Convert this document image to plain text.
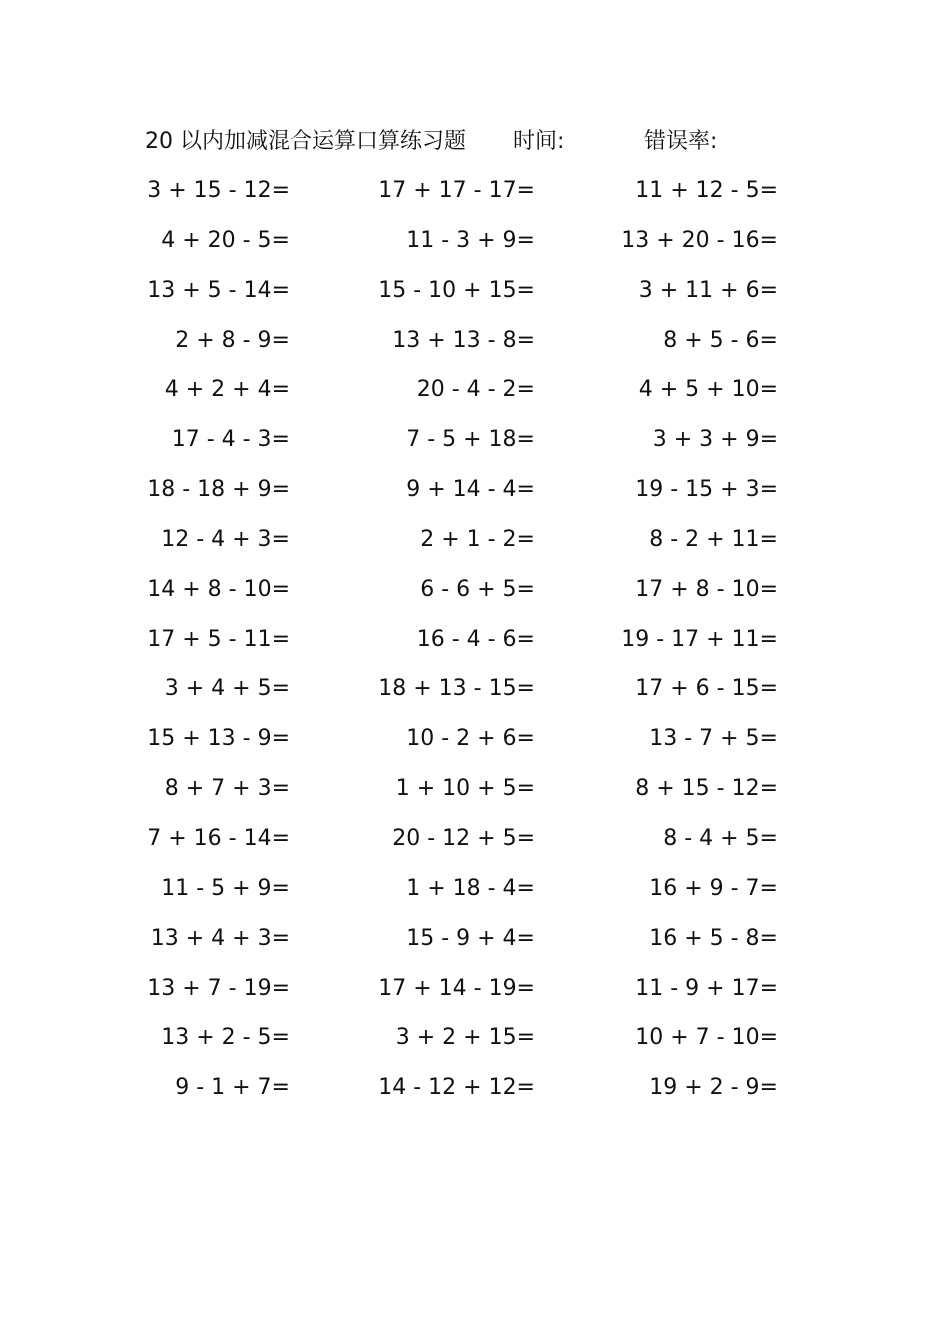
20 以内加减混合运算口算练习题 时间:	错误率:
3 + 15 - 12=	17 + 17 - 17=	11 + 12 - 5=
4 + 20 - 5=	11 - 3 + 9=	13 + 20 - 16=
13 + 5 - 14=	15 - 10 + 15=	3 + 11 + 6=
2 + 8 - 9=	13 + 13 - 8=	8 + 5 - 6=
4 + 2 + 4=	20 - 4 - 2=	4 + 5 + 10=
17 - 4 - 3=	7 - 5 + 18=	3 + 3 + 9=
18 - 18 + 9=	9 + 14 - 4=	19 - 15 + 3=
12 - 4 + 3=	2 + 1 - 2=	8 - 2 + 11=
14 + 8 - 10=	6 - 6 + 5=	17 + 8 - 10=
17 + 5 - 11=	16 - 4 - 6=	19 - 17 + 11=
3 + 4 + 5=	18 + 13 - 15=	17 + 6 - 15=
15 + 13 - 9=	10 - 2 + 6=	13 - 7 + 5=
8 + 7 + 3=	1 + 10 + 5=	8 + 15 - 12=
7 + 16 - 14=	20 - 12 + 5=	8 - 4 + 5=
11 - 5 + 9=	1 + 18 - 4=	16 + 9 - 7=
13 + 4 + 3=	15 - 9 + 4=	16 + 5 - 8=
13 + 7 - 19=	17 + 14 - 19=	11 - 9 + 17=
13 + 2 - 5=	3 + 2 + 15=	10 + 7 - 10=
9 - 1 + 7=	14 - 12 + 12=	19 + 2 - 9=
